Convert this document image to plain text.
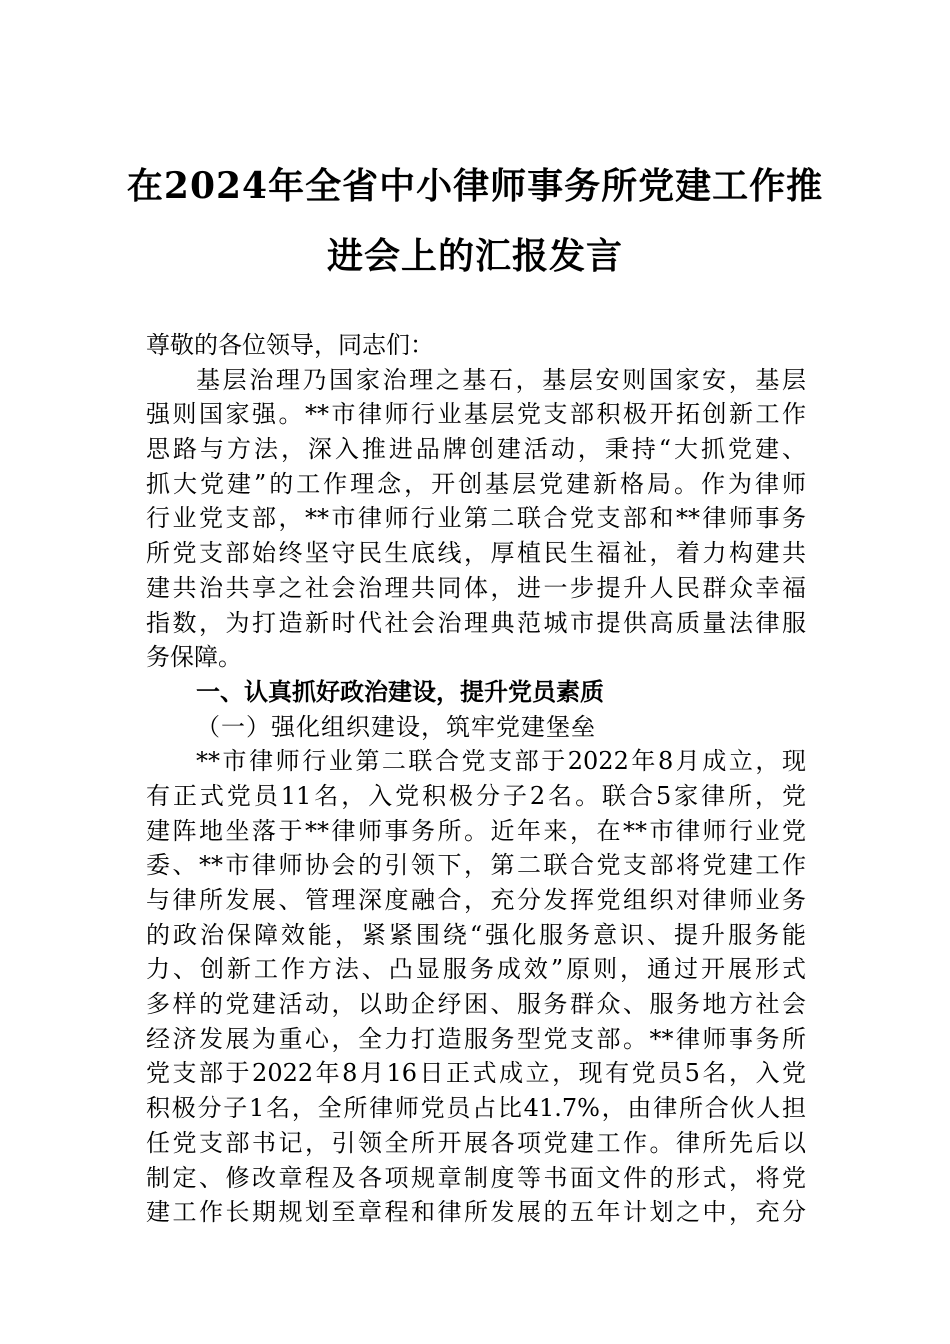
在2024年全省中小律师事务所党建工作推
进会上的汇报发言
尊敬的各位领导，同志们：
基层治理乃国家治理之基石，基层安则国家安，基层
强则国家强。**市律师行业基层党支部积极开拓创新工作
思路与方法，深入推进品牌创建活动，秉持“大抓党建、
抓大党建”的工作理念，开创基层党建新格局。作为律师
行业党支部，**市律师行业第二联合党支部和**律师事务
所党支部始终坚守民生底线，厚植民生福祉，着力构建共
建共治共享之社会治理共同体，进一步提升人民群众幸福
指数，为打造新时代社会治理典范城市提供高质量法律服
务保障。
一、认真抓好政治建设，提升党员素质
（一）强化组织建设，筑牢党建堡垒
**市律师行业第二联合党支部于2022年8月成立，现
有正式党员11名，入党积极分子2名。联合5家律所，党
建阵地坐落于**律师事务所。近年来，在**市律师行业党
委、**市律师协会的引领下，第二联合党支部将党建工作
与律所发展、管理深度融合，充分发挥党组织对律师业务
的政治保障效能，紧紧围绕“强化服务意识、提升服务能
力、创新工作方法、凸显服务成效”原则，通过开展形式
多样的党建活动，以助企纾困、服务群众、服务地方社会
经济发展为重心，全力打造服务型党支部。**律师事务所
党支部于2022年8月16日正式成立，现有党员5名，入党
积极分子1名，全所律师党员占比41.7%，由律所合伙人担
任党支部书记，引领全所开展各项党建工作。律所先后以
制定、修改章程及各项规章制度等书面文件的形式，将党
建工作长期规划至章程和律所发展的五年计划之中，充分
